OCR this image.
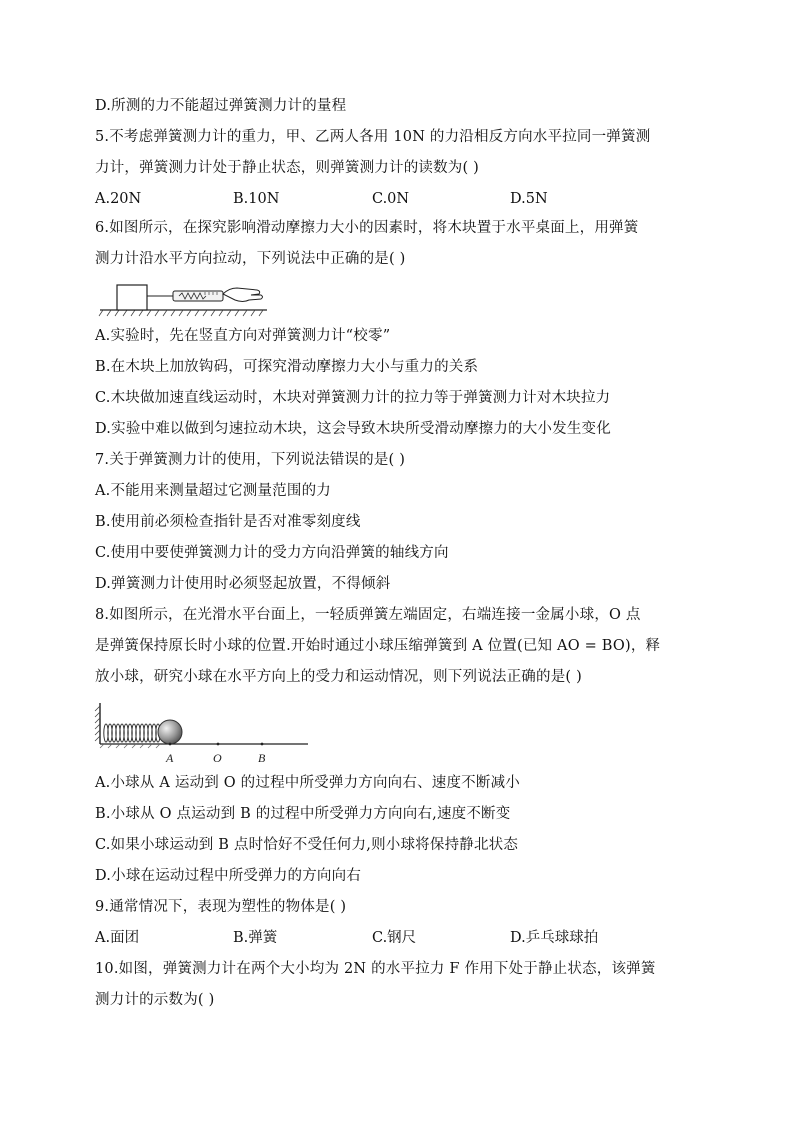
D.所测的力不能超过弹簧测力计的量程
5.不考虑弹簧测力计的重力，甲、乙两人各用 10N 的力沿相反方向水平拉同一弹簧测
力计，弹簧测力计处于静止状态，则弹簧测力计的读数为( )
A.20N	B.10N	C.0N	D.5N
6.如图所示，在探究影响滑动摩擦力大小的因素时，将木块置于水平桌面上，用弹簧
测力计沿水平方向拉动，下列说法中正确的是( )
A.实验时，先在竖直方向对弹簧测力计“校零”
B.在木块上加放钩码，可探究滑动摩擦力大小与重力的关系
C.木块做加速直线运动时，木块对弹簧测力计的拉力等于弹簧测力计对木块拉力
D.实验中难以做到匀速拉动木块，这会导致木块所受滑动摩擦力的大小发生变化
7.关于弹簧测力计的使用，下列说法错误的是( )
A.不能用来测量超过它测量范围的力
B.使用前必须检查指针是否对准零刻度线
C.使用中要使弹簧测力计的受力方向沿弹簧的轴线方向
D.弹簧测力计使用时必须竖起放置，不得倾斜
8.如图所示，在光滑水平台面上，一轻质弹簧左端固定，右端连接一金属小球，O 点
是弹簧保持原长时小球的位置.开始时通过小球压缩弹簧到 A 位置(已知 AO = BO)，释
放小球，研究小球在水平方向上的受力和运动情况，则下列说法正确的是( )
A	O	B
A.小球从 A 运动到 O 的过程中所受弹力方向向右、速度不断减小
B.小球从 O 点运动到 B 的过程中所受弹力方向向右,速度不断变
C.如果小球运动到 B 点时恰好不受任何力,则小球将保持静北状态
D.小球在运动过程中所受弹力的方向向右
9.通常情况下，表现为塑性的物体是( )
A.面团	B.弹簧	C.钢尺	D.乒乓球球拍
10.如图，弹簧测力计在两个大小均为 2N 的水平拉力 F 作用下处于静止状态，该弹簧
测力计的示数为( )
